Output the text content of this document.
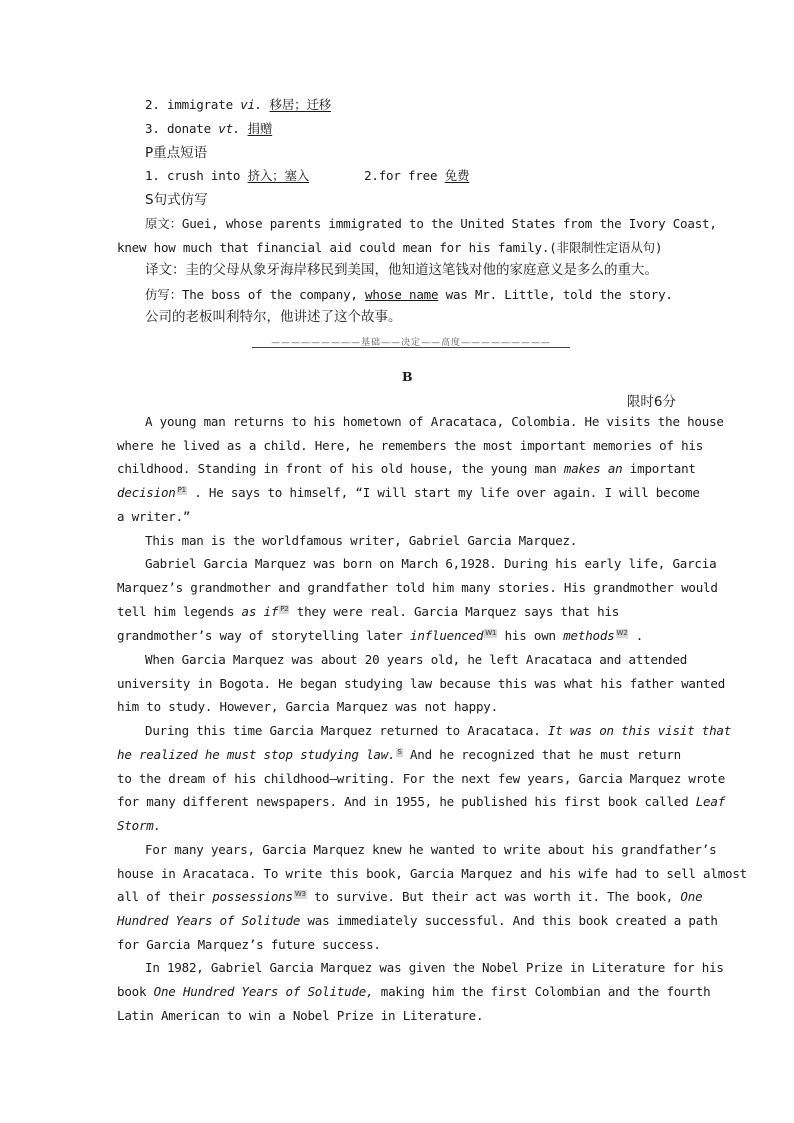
2. immigrate vi. 移居；迁移
3. donate vt. 捐赠
P重点短语
1. crush into 挤入；塞入	2.for free 免费
S句式仿写
原文：Guei, whose parents immigrated to the United States from the Ivory Coast,
knew how much that financial aid could mean for his family.(非限制性定语从句)
译文：圭的父母从象牙海岸移民到美国，他知道这笔钱对他的家庭意义是多么的重大。
仿写：The boss of the company, whose name was Mr. Little, told the story.
公司的老板叫利特尔，他讲述了这个故事。
—————————基础——决定——高度—————————
B
限时6分
A young man returns to his hometown of Aracataca, Colombia. He visits the house
where he lived as a child. Here, he remembers the most important memories of his
childhood. Standing in front of his old house, the young man makes an important
decision P1 . He says to himself, “I will start my life over again. I will become
a writer.”
This man is the worldfamous writer, Gabriel Garcia Marquez.
Gabriel Garcia Marquez was born on March 6,1928. During his early life, Garcia
Marquez’s grandmother and grandfather told him many stories. His grandmother would
tell him legends as if P2 they were real. Garcia Marquez says that his
grandmother’s way of storytelling later influenced W1 his own methods W2 .
When Garcia Marquez was about 20 years old, he left Aracataca and attended
university in Bogota. He began studying law because this was what his father wanted
him to study. However, Garcia Marquez was not happy.
During this time Garcia Marquez returned to Aracataca. It was on this visit that
he realized he must stop studying law. S And he recognized that he must return
to the dream of his childhood—writing. For the next few years, Garcia Marquez wrote
for many different newspapers. And in 1955, he published his first book called Leaf
Storm.
For many years, Garcia Marquez knew he wanted to write about his grandfather’s
house in Aracataca. To write this book, Garcia Marquez and his wife had to sell almost
all of their possessions W3 to survive. But their act was worth it. The book, One
Hundred Years of Solitude was immediately successful. And this book created a path
for Garcia Marquez’s future success.
In 1982, Gabriel Garcia Marquez was given the Nobel Prize in Literature for his
book One Hundred Years of Solitude, making him the first Colombian and the fourth
Latin American to win a Nobel Prize in Literature.
